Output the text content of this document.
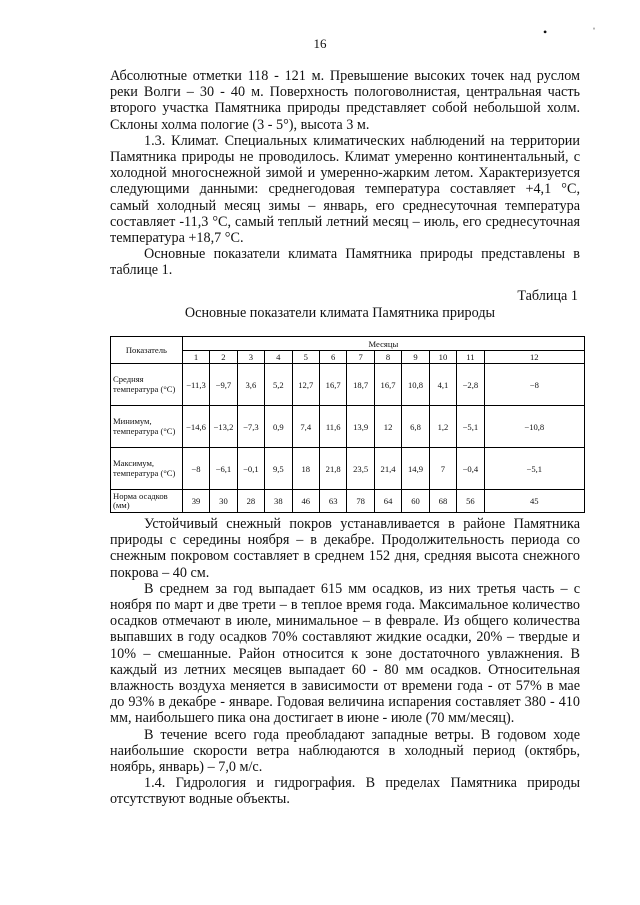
•	ˈ
16

Абсолютные отметки 118 - 121 м. Превышение высоких точек над руслом реки Волги – 30 - 40 м. Поверхность пологоволнистая, центральная часть второго участка Памятника природы представляет собой небольшой холм. Склоны холма пологие (3 - 5°), высота 3 м.

1.3. Климат. Специальных климатических наблюдений на территории Памятника природы не проводилось. Климат умеренно континентальный, с холодной многоснежной зимой и умеренно-жарким летом. Характеризуется следующими данными: среднегодовая температура составляет +4,1 °С, самый холодный месяц зимы – январь, его среднесуточная температура составляет -11,3 °С, самый теплый летний месяц – июль, его среднесуточная температура +18,7 °С.

Основные показатели климата Памятника природы представлены в таблице 1.

Таблица 1
Основные показатели климата Памятника природы
Показатель	Месяцы											
	1	2	3	4	5	6	7	8	9	10	11	12
Средняя температура (°С)	−11,3	−9,7	3,6	5,2	12,7	16,7	18,7	16,7	10,8	4,1	−2,8	−8
Минимум, температура (°С)	−14,6	−13,2	−7,3	0,9	7,4	11,6	13,9	12	6,8	1,2	−5,1	−10,8
Максимум, температура (°С)	−8	−6,1	−0,1	9,5	18	21,8	23,5	21,4	14,9	7	−0,4	−5,1
Норма осадков (мм)	39	30	28	38	46	63	78	64	60	68	56	45

Устойчивый снежный покров устанавливается в районе Памятника природы с середины ноября – в декабре. Продолжительность периода со снежным покровом составляет в среднем 152 дня, средняя высота снежного покрова – 40 см.

В среднем за год выпадает 615 мм осадков, из них третья часть – с ноября по март и две трети – в теплое время года. Максимальное количество осадков отмечают в июле, минимальное – в феврале. Из общего количества выпавших в году осадков 70% составляют жидкие осадки, 20% – твердые и 10% – смешанные. Район относится к зоне достаточного увлажнения. В каждый из летних месяцев выпадает 60 - 80 мм осадков. Относительная влажность воздуха меняется в зависимости от времени года - от 57% в мае до 93% в декабре - январе. Годовая величина испарения составляет 380 - 410 мм, наибольшего пика она достигает в июне - июле (70 мм/месяц).

В течение всего года преобладают западные ветры. В годовом ходе наибольшие скорости ветра наблюдаются в холодный период (октябрь, ноябрь, январь) – 7,0 м/с.

1.4. Гидрология и гидрография. В пределах Памятника природы отсутствуют водные объекты.
